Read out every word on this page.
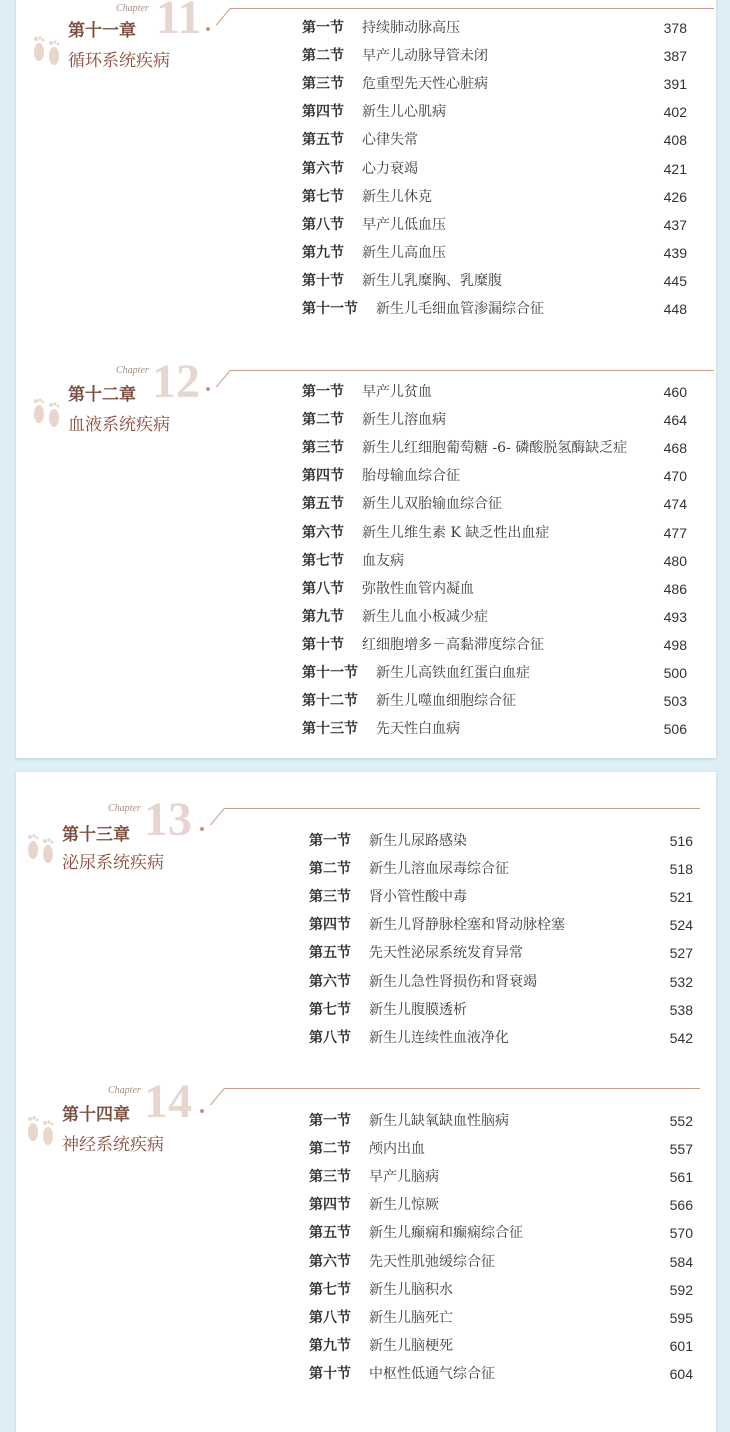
Chapter 11
第十一章
循环系统疾病
第一节 持续肺动脉高压	378
第二节 早产儿动脉导管未闭	387
第三节 危重型先天性心脏病	391
第四节 新生儿心肌病	402
第五节 心律失常	408
第六节 心力衰竭	421
第七节 新生儿休克	426
第八节 早产儿低血压	437
第九节 新生儿高血压	439
第十节 新生儿乳糜胸、乳糜腹	445
第十一节 新生儿毛细血管渗漏综合征	448
Chapter 12
第十二章
血液系统疾病
第一节 早产儿贫血	460
第二节 新生儿溶血病	464
第三节 新生儿红细胞葡萄糖 -6- 磷酸脱氢酶缺乏症	468
第四节 胎母输血综合征	470
第五节 新生儿双胎输血综合征	474
第六节 新生儿维生素 K 缺乏性出血症	477
第七节 血友病	480
第八节 弥散性血管内凝血	486
第九节 新生儿血小板减少症	493
第十节 红细胞增多－高黏滞度综合征	498
第十一节 新生儿高铁血红蛋白血症	500
第十二节 新生儿噬血细胞综合征	503
第十三节 先天性白血病	506
Chapter 13
第十三章
泌尿系统疾病
第一节 新生儿尿路感染	516
第二节 新生儿溶血尿毒综合征	518
第三节 肾小管性酸中毒	521
第四节 新生儿肾静脉栓塞和肾动脉栓塞	524
第五节 先天性泌尿系统发育异常	527
第六节 新生儿急性肾损伤和肾衰竭	532
第七节 新生儿腹膜透析	538
第八节 新生儿连续性血液净化	542
Chapter 14
第十四章
神经系统疾病
第一节 新生儿缺氧缺血性脑病	552
第二节 颅内出血	557
第三节 早产儿脑病	561
第四节 新生儿惊厥	566
第五节 新生儿癫痫和癫痫综合征	570
第六节 先天性肌弛缓综合征	584
第七节 新生儿脑积水	592
第八节 新生儿脑死亡	595
第九节 新生儿脑梗死	601
第十节 中枢性低通气综合征	604
